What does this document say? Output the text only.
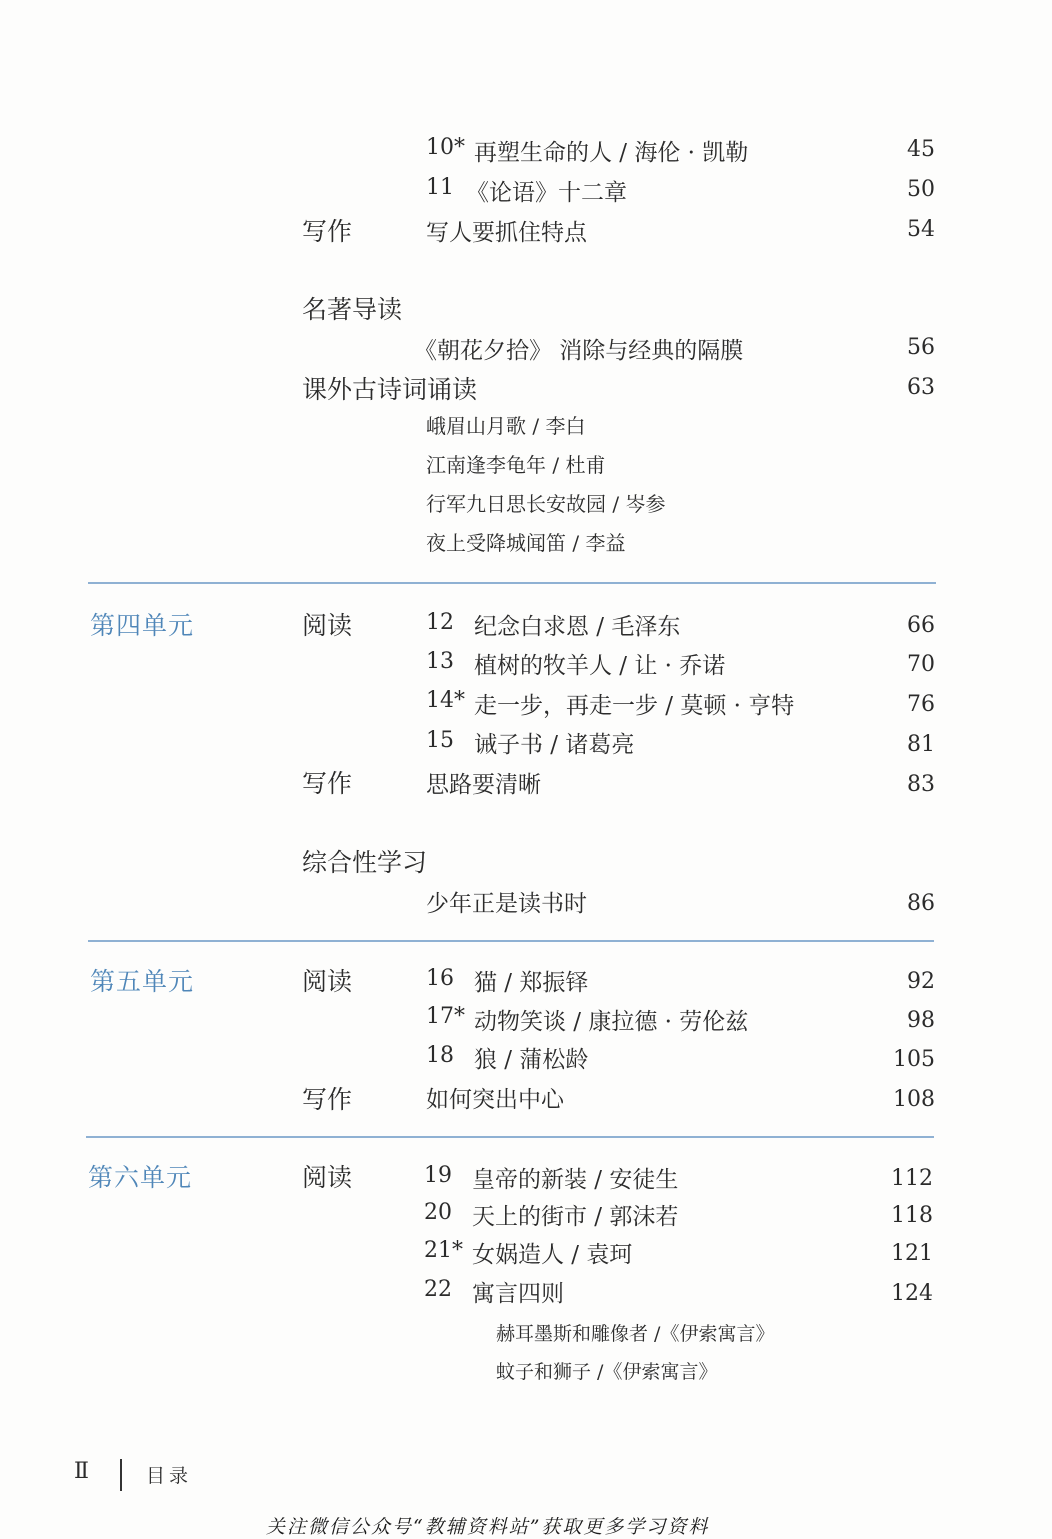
10* 再塑生命的人 / 海伦 · 凯勒	45
11 《论语》十二章	50
写作	写人要抓住特点	54
名著导读
《朝花夕拾》 消除与经典的隔膜	56
课外古诗词诵读	63
峨眉山月歌 / 李白
江南逢李龟年 / 杜甫
行军九日思长安故园 / 岑参
夜上受降城闻笛 / 李益
第四单元	阅读	12 纪念白求恩 / 毛泽东	66
13 植树的牧羊人 / 让 · 乔诺	70
14* 走一步，再走一步 / 莫顿 · 亨特	76
15 诫子书 / 诸葛亮	81
写作	思路要清晰	83
综合性学习
少年正是读书时	86
第五单元	阅读	16 猫 / 郑振铎	92
17* 动物笑谈 / 康拉德 · 劳伦兹	98
18 狼 / 蒲松龄	105
写作	如何突出中心	108
第六单元	阅读	19 皇帝的新装 / 安徒生	112
20 天上的街市 / 郭沫若	118
21* 女娲造人 / 袁珂	121
22 寓言四则	124
赫耳墨斯和雕像者 /《伊索寓言》
蚊子和狮子 /《伊索寓言》
Ⅱ	目录
关注微信公众号“教辅资料站”获取更多学习资料
